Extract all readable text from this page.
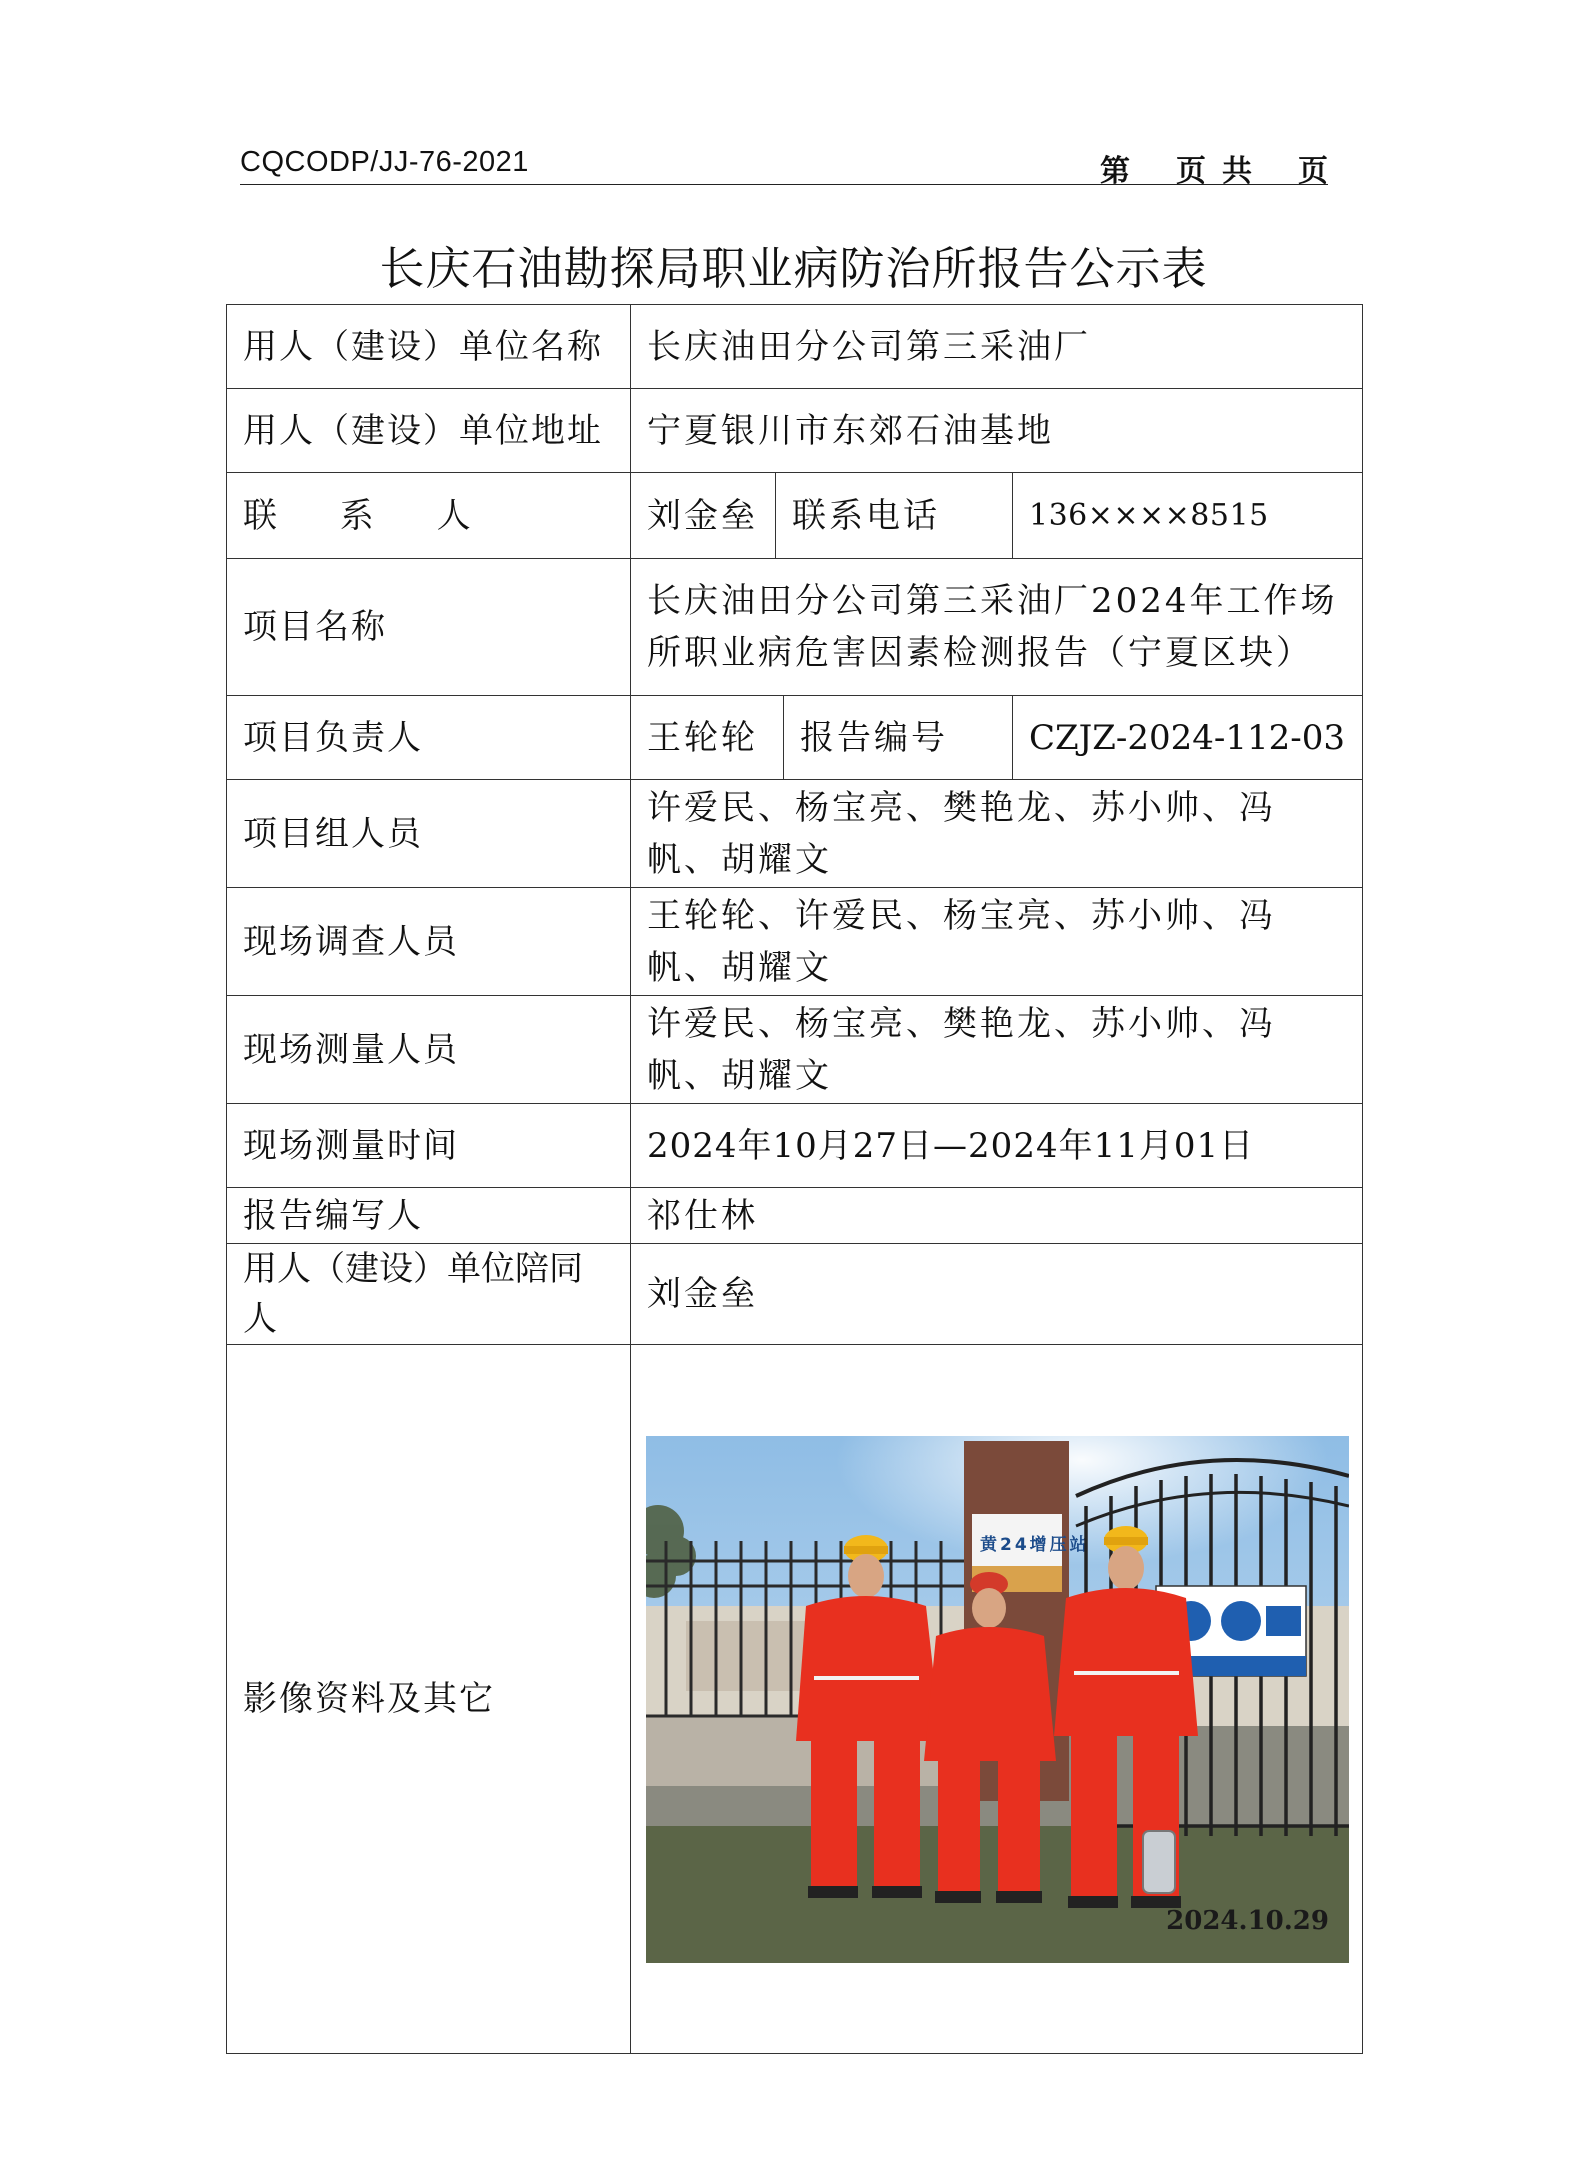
CQCODP/JJ-76-2021	第 页 共 页
长庆石油勘探局职业病防治所报告公示表
用人（建设）单位名称	长庆油田分公司第三采油厂			
用人（建设）单位地址	宁夏银川市东郊石油基地			
联 系 人	刘金垒	联系电话		136××××8515
项目名称	长庆油田分公司第三采油厂2024年工作场所职业病危害因素检测报告（宁夏区块）			
项目负责人	王轮轮		报告编号	CZJZ-2024-112-03
项目组人员	许爱民、杨宝亮、樊艳龙、苏小帅、冯帆、胡耀文			
现场调查人员	王轮轮、许爱民、杨宝亮、苏小帅、冯帆、胡耀文			
现场测量人员	许爱民、杨宝亮、樊艳龙、苏小帅、冯帆、胡耀文			
现场测量时间	2024年10月27日—2024年11月01日			
报告编写人	祁仕林			
用人（建设）单位陪同人	刘金垒			
影像资料及其它	黄24增压站
2024.10.29			
